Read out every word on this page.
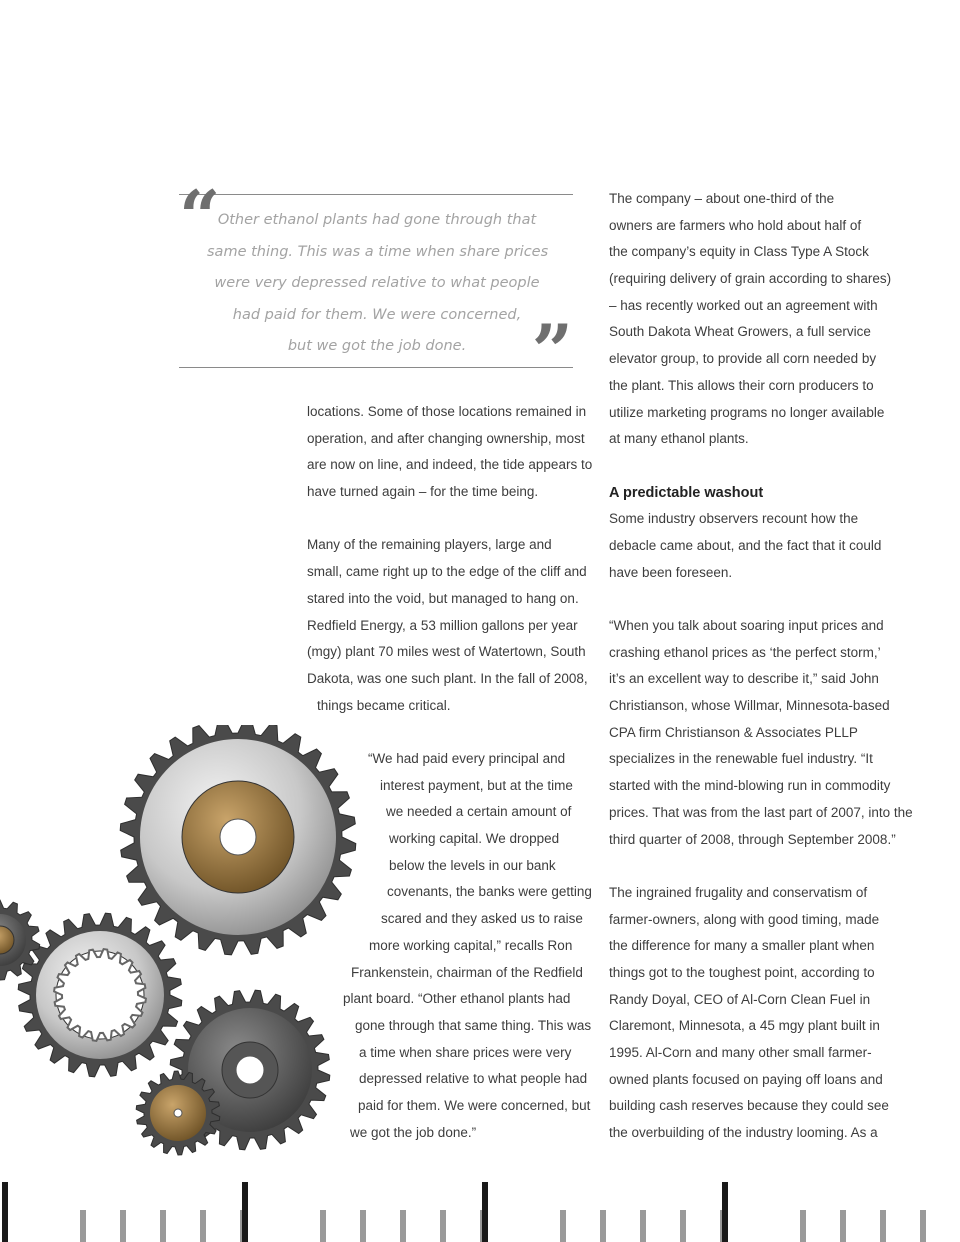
“
Other ethanol plants had gone through that
same thing. This was a time when share prices
were very depressed relative to what people
had paid for them. We were concerned,
but we got the job done. ”
locations. Some of those locations remained in
operation, and after changing ownership, most
are now on line, and indeed, the tide appears to
have turned again – for the time being.
Many of the remaining players, large and
small, came right up to the edge of the cliff and
stared into the void, but managed to hang on.
Redfield Energy, a 53 million gallons per year
(mgy) plant 70 miles west of Watertown, South
Dakota, was one such plant. In the fall of 2008,
things became critical.
“We had paid every principal and
interest payment, but at the time
we needed a certain amount of
working capital. We dropped
below the levels in our bank
covenants, the banks were getting
scared and they asked us to raise
more working capital,” recalls Ron
Frankenstein, chairman of the Redfield
plant board. “Other ethanol plants had
gone through that same thing. This was
a time when share prices were very
depressed relative to what people had
paid for them. We were concerned, but
we got the job done.”
The company – about one-third of the
owners are farmers who hold about half of
the company’s equity in Class Type A Stock
(requiring delivery of grain according to shares)
– has recently worked out an agreement with
South Dakota Wheat Growers, a full service
elevator group, to provide all corn needed by
the plant. This allows their corn producers to
utilize marketing programs no longer available
at many ethanol plants.
A predictable washout
Some industry observers recount how the
debacle came about, and the fact that it could
have been foreseen.
“When you talk about soaring input prices and
crashing ethanol prices as ‘the perfect storm,’
it’s an excellent way to describe it,” said John
Christianson, whose Willmar, Minnesota-based
CPA firm Christianson & Associates PLLP
specializes in the renewable fuel industry. “It
started with the mind-blowing run in commodity
prices. That was from the last part of 2007, into the
third quarter of 2008, through September 2008.”
The ingrained frugality and conservatism of
farmer-owners, along with good timing, made
the difference for many a smaller plant when
things got to the toughest point, according to
Randy Doyal, CEO of Al-Corn Clean Fuel in
Claremont, Minnesota, a 45 mgy plant built in
1995. Al-Corn and many other small farmer-
owned plants focused on paying off loans and
building cash reserves because they could see
the overbuilding of the industry looming. As a
